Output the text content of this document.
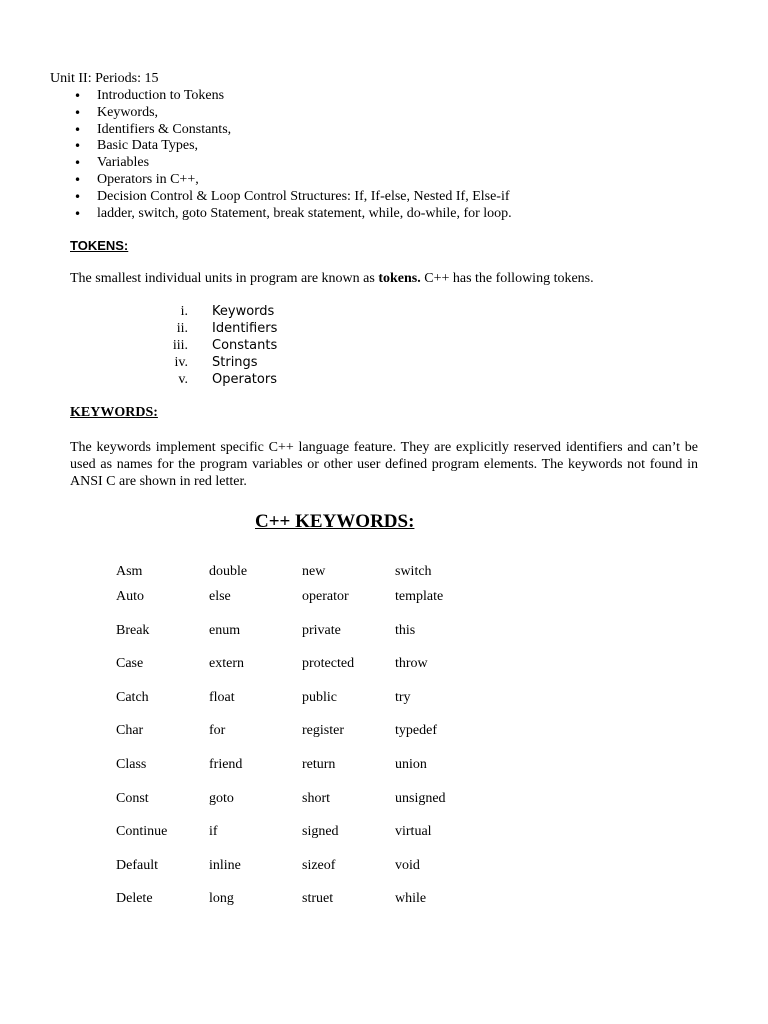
Unit II: Periods: 15
• Introduction to Tokens
• Keywords,
• Identifiers & Constants,
• Basic Data Types,
• Variables
• Operators in C++,
• Decision Control & Loop Control Structures: If, If-else, Nested If, Else-if
• ladder, switch, goto Statement, break statement, while, do-while, for loop.
TOKENS:
The smallest individual units in program are known as tokens. C++ has the following tokens.
i. Keywords
ii. Identifiers
iii. Constants
iv. Strings
v. Operators
KEYWORDS:
The keywords implement specific C++ language feature. They are explicitly reserved identifiers and can’t be used as names for the program variables or other user defined program elements. The keywords not found in ANSI C are shown in red letter.
C++ KEYWORDS:
Asm	double	new	switch
Auto	else	operator	template
Break	enum	private	this
Case	extern	protected	throw
Catch	float	public	try
Char	for	register	typedef
Class	friend	return	union
Const	goto	short	unsigned
Continue	if	signed	virtual
Default	inline	sizeof	void
Delete	long	struet	while
